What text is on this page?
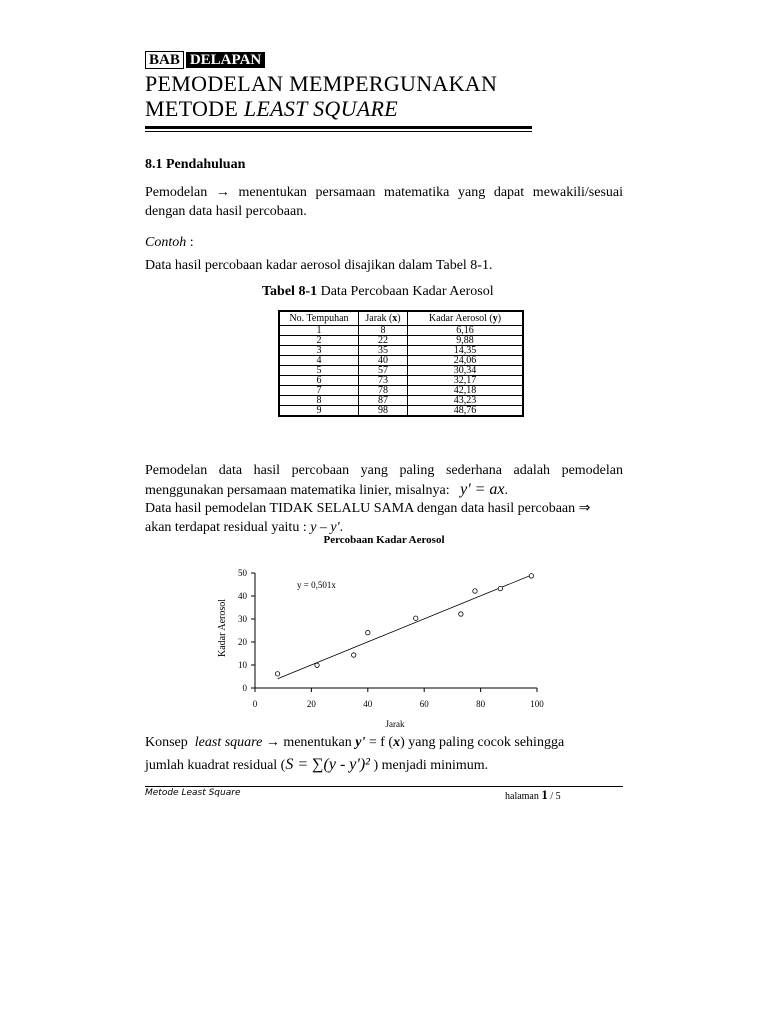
BAB DELAPAN
PEMODELAN MEMPERGUNAKAN
METODE LEAST SQUARE
8.1 Pendahuluan
Pemodelan → menentukan persamaan matematika yang dapat mewakili/sesuai dengan data hasil percobaan.
Contoh :
Data hasil percobaan kadar aerosol disajikan dalam Tabel 8-1.
Tabel 8-1 Data Percobaan Kadar Aerosol
No. Tempuhan	Jarak (x)	Kadar Aerosol (y)
1	8	6,16
2	22	9,88
3	35	14,35
4	40	24,06
5	57	30,34
6	73	32,17
7	78	42,18
8	87	43,23
9	98	48,76
Pemodelan data hasil percobaan yang paling sederhana adalah pemodelan menggunakan persamaan matematika linier, misalnya: y' = ax.
Data hasil pemodelan TIDAK SELALU SAMA dengan data hasil percobaan ⇒
akan terdapat residual yaitu : y – y'.
Percobaan Kadar Aerosol
0
10
20
30
40
50
0	20	40	60	80	100
y = 0,501x
Kadar Aerosol
Jarak
Konsep least square → menentukan y' = f (x) yang paling cocok sehingga
jumlah kuadrat residual (S = ∑(y - y')² ) menjadi minimum.
Metode Least Square	halaman 1 / 5
